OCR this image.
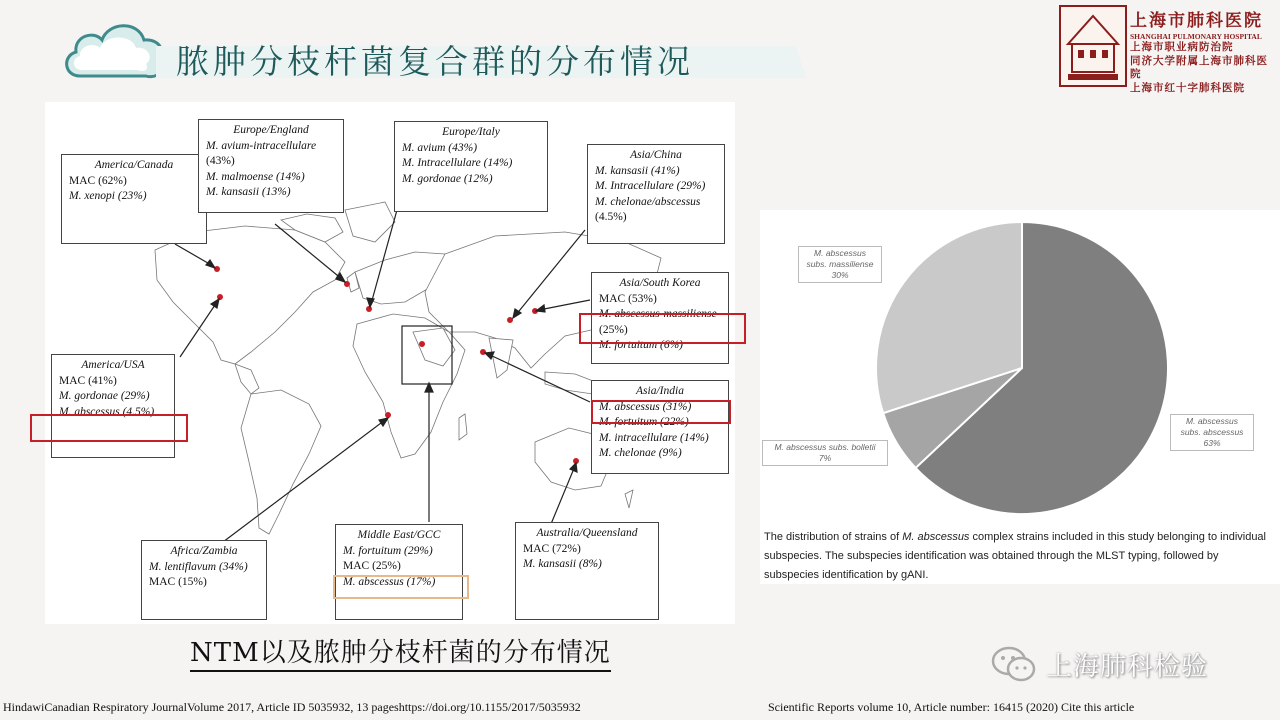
脓肿分枝杆菌复合群的分布情况
上海市肺科医院
SHANGHAI PULMONARY HOSPITAL
上海市职业病防治院
同济大学附属上海市肺科医院
上海市红十字肺科医院
America/Canada
MAC (62%)
M. xenopi (23%)
Europe/England
M. avium-intracellulare
(43%)
M. malmoense (14%)
M. kansasii (13%)
Europe/Italy
M. avium (43%)
M. Intracellulare (14%)
M. gordonae (12%)
Asia/China
M. kansasii (41%)
M. Intracellulare (29%)
M. chelonae/abscessus
(4.5%)
Asia/South Korea
MAC (53%)
M. abscessus-massiliense
(25%)
M. fortuitum (6%)
America/USA
MAC (41%)
M. gordonae (29%)
M. abscessus (4.5%)
Asia/India
M. abscessus (31%)
M. fortuitum (22%)
M. intracellulare (14%)
M. chelonae (9%)
Africa/Zambia
M. lentiflavum (34%)
MAC (15%)
Middle East/GCC
M. fortuitum (29%)
MAC (25%)
M. abscessus (17%)
Australia/Queensland
MAC (72%)
M. kansasii (8%)
NTM以及脓肿分枝杆菌的分布情况
M. abscessus subs. massiliense
30%
M. abscessus subs. bolletii
7%
M. abscessus subs. abscessus
63%
The distribution of strains of M. abscessus complex strains included in this study belonging to individual subspecies. The subspecies identification was obtained through the MLST typing, followed by subspecies identification by gANI.
HindawiCanadian Respiratory JournalVolume 2017, Article ID 5035932, 13 pageshttps://doi.org/10.1155/2017/5035932	Scientific Reports volume 10, Article number: 16415 (2020) Cite this article
上海肺科检验
